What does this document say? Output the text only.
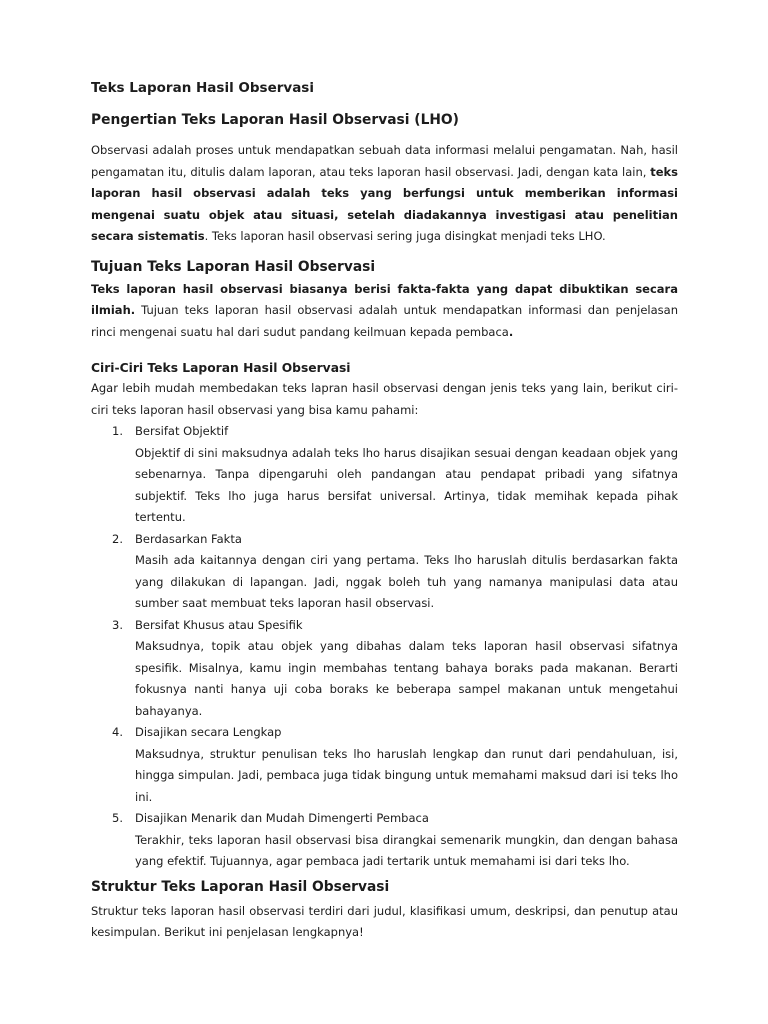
Teks Laporan Hasil Observasi
Pengertian Teks Laporan Hasil Observasi (LHO)

Observasi adalah proses untuk mendapatkan sebuah data informasi melalui pengamatan. Nah, hasil pengamatan itu, ditulis dalam laporan, atau teks laporan hasil observasi. Jadi, dengan kata lain, teks laporan hasil observasi adalah teks yang berfungsi untuk memberikan informasi mengenai suatu objek atau situasi, setelah diadakannya investigasi atau penelitian secara sistematis. Teks laporan hasil observasi sering juga disingkat menjadi teks LHO.

Tujuan Teks Laporan Hasil Observasi

Teks laporan hasil observasi biasanya berisi fakta-fakta yang dapat dibuktikan secara ilmiah. Tujuan teks laporan hasil observasi adalah untuk mendapatkan informasi dan penjelasan rinci mengenai suatu hal dari sudut pandang keilmuan kepada pembaca.

Ciri-Ciri Teks Laporan Hasil Observasi

Agar lebih mudah membedakan teks lapran hasil observasi dengan jenis teks yang lain, berikut ciri-ciri teks laporan hasil observasi yang bisa kamu pahami:

1. Bersifat Objektif

Objektif di sini maksudnya adalah teks lho harus disajikan sesuai dengan keadaan objek yang sebenarnya. Tanpa dipengaruhi oleh pandangan atau pendapat pribadi yang sifatnya subjektif. Teks lho juga harus bersifat universal. Artinya, tidak memihak kepada pihak tertentu.

2. Berdasarkan Fakta

Masih ada kaitannya dengan ciri yang pertama. Teks lho haruslah ditulis berdasarkan fakta yang dilakukan di lapangan. Jadi, nggak boleh tuh yang namanya manipulasi data atau sumber saat membuat teks laporan hasil observasi.

3. Bersifat Khusus atau Spesifik

Maksudnya, topik atau objek yang dibahas dalam teks laporan hasil observasi sifatnya spesifik. Misalnya, kamu ingin membahas tentang bahaya boraks pada makanan. Berarti fokusnya nanti hanya uji coba boraks ke beberapa sampel makanan untuk mengetahui bahayanya.

4. Disajikan secara Lengkap

Maksudnya, struktur penulisan teks lho haruslah lengkap dan runut dari pendahuluan, isi, hingga simpulan. Jadi, pembaca juga tidak bingung untuk memahami maksud dari isi teks lho ini.

5. Disajikan Menarik dan Mudah Dimengerti Pembaca

Terakhir, teks laporan hasil observasi bisa dirangkai semenarik mungkin, dan dengan bahasa yang efektif. Tujuannya, agar pembaca jadi tertarik untuk memahami isi dari teks lho.

Struktur Teks Laporan Hasil Observasi

Struktur teks laporan hasil observasi terdiri dari judul, klasifikasi umum, deskripsi, dan penutup atau kesimpulan. Berikut ini penjelasan lengkapnya!
